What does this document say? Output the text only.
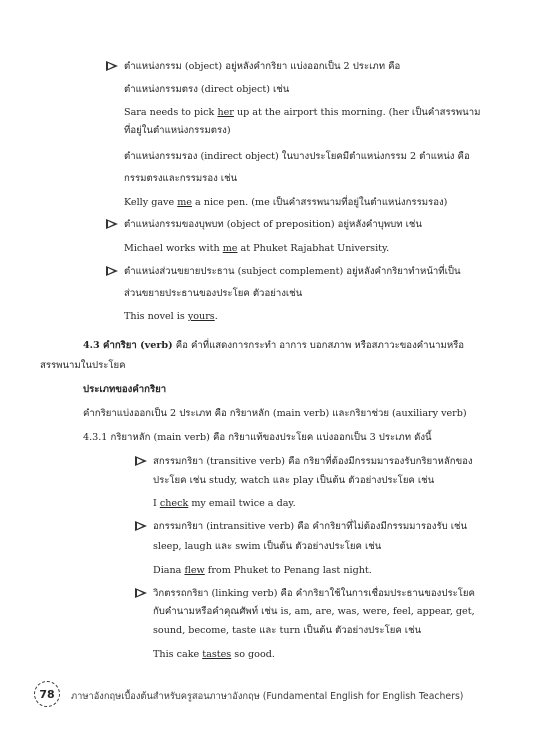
ตำแหน่งกรรม (object) อยู่หลังคำกริยา แบ่งออกเป็น 2 ประเภท คือ

ตำแหน่งกรรมตรง (direct object) เช่น

Sara needs to pick her up at the airport this morning. (her เป็นคำสรรพนาม

ที่อยู่ในตำแหน่งกรรมตรง)

ตำแหน่งกรรมรอง (indirect object) ในบางประโยคมีตำแหน่งกรรม 2 ตำแหน่ง คือ

กรรมตรงและกรรมรอง เช่น

Kelly gave me a nice pen. (me เป็นคำสรรพนามที่อยู่ในตำแหน่งกรรมรอง)

ตำแหน่งกรรมของบุพบท (object of preposition) อยู่หลังคำบุพบท เช่น

Michael works with me at Phuket Rajabhat University.

ตำแหน่งส่วนขยายประธาน (subject complement) อยู่หลังคำกริยาทำหน้าที่เป็น

ส่วนขยายประธานของประโยค ตัวอย่างเช่น

This novel is yours.

4.3 คำกริยา (verb) คือ คำที่แสดงการกระทำ อาการ บอกสภาพ หรือสภาวะของคำนามหรือ

สรรพนามในประโยค

ประเภทของคำกริยา

คำกริยาแบ่งออกเป็น 2 ประเภท คือ กริยาหลัก (main verb) และกริยาช่วย (auxiliary verb)

4.3.1 กริยาหลัก (main verb) คือ กริยาแท้ของประโยค แบ่งออกเป็น 3 ประเภท ดังนี้

สกรรมกริยา (transitive verb) คือ กริยาที่ต้องมีกรรมมารองรับกริยาหลักของ

ประโยค เช่น study, watch และ play เป็นต้น ตัวอย่างประโยค เช่น

I check my email twice a day.

อกรรมกริยา (intransitive verb) คือ คำกริยาที่ไม่ต้องมีกรรมมารองรับ เช่น

sleep, laugh และ swim เป็นต้น ตัวอย่างประโยค เช่น

Diana flew from Phuket to Penang last night.

วิกตรรถกริยา (linking verb) คือ คำกริยาใช้ในการเชื่อมประธานของประโยค

กับคำนามหรือคำคุณศัพท์ เช่น is, am, are, was, were, feel, appear, get,

sound, become, taste และ turn เป็นต้น ตัวอย่างประโยค เช่น

This cake tastes so good.

78	ภาษาอังกฤษเบื้องต้นสำหรับครูสอนภาษาอังกฤษ (Fundamental English for English Teachers)
